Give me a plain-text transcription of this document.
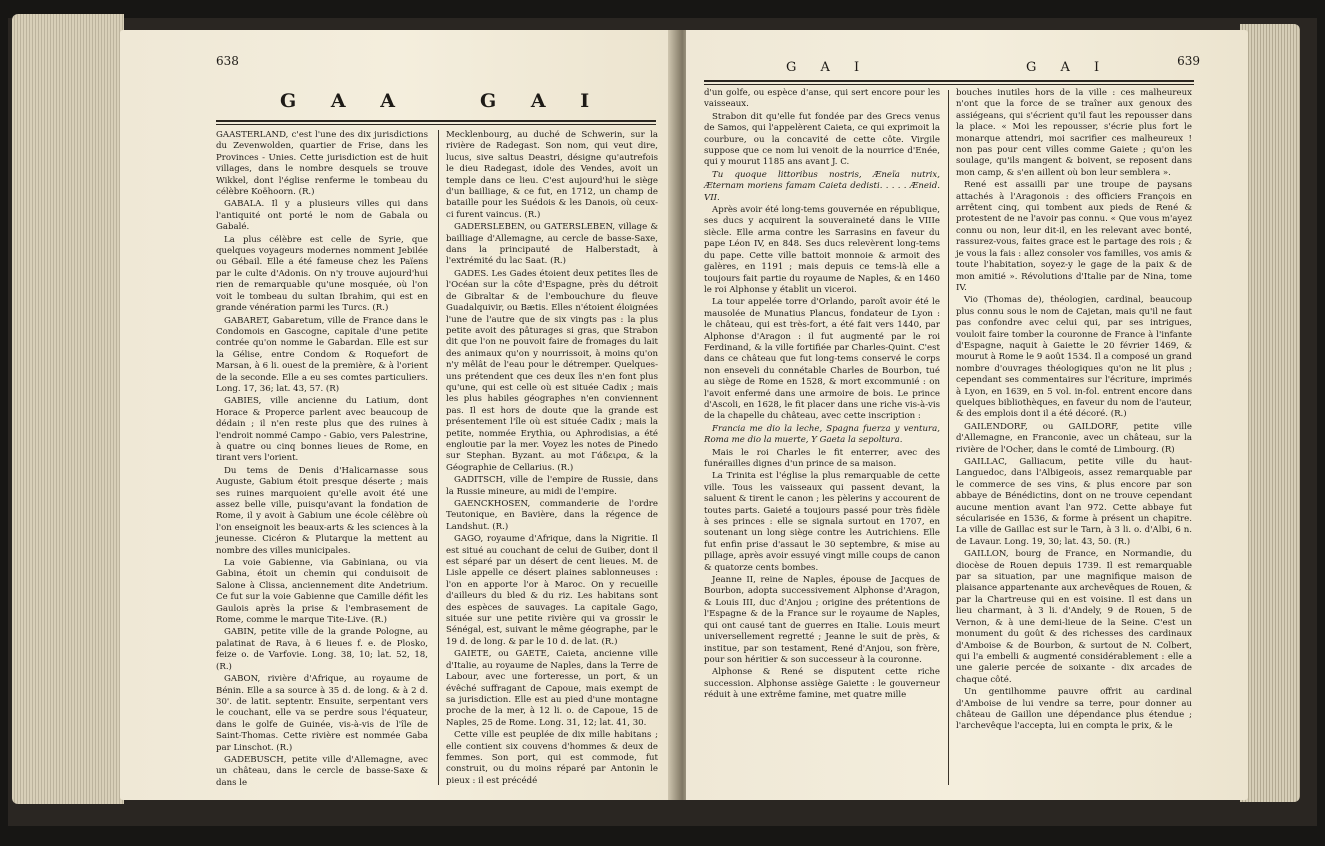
638
G A A	G A I

GAASTERLAND, c'est l'une des dix jurisdictions du Zevenwolden, quartier de Frise, dans les Provinces - Unies. Cette jurisdiction est de huit villages, dans le nombre desquels se trouve Wikkel, dont l'église renferme le tombeau du célèbre Koëhoorn. (R.)

GABALA. Il y a plusieurs villes qui dans l'antiquité ont porté le nom de Gabala ou Gabalé.

La plus célèbre est celle de Syrie, que quelques voyageurs modernes nomment Jebilée ou Gébail. Elle a été fameuse chez les Païens par le culte d'Adonis. On n'y trouve aujourd'hui rien de remarquable qu'une mosquée, où l'on voit le tombeau du sultan Ibrahim, qui est en grande vénération parmi les Turcs. (R.)

GABARET, Gabaretum, ville de France dans le Condomois en Gascogne, capitale d'une petite contrée qu'on nomme le Gabardan. Elle est sur la Gélise, entre Condom & Roquefort de Marsan, à 6 li. ouest de la première, & à l'orient de la seconde. Elle a eu ses comtes particuliers. Long. 17, 36; lat. 43, 57. (R)

GABIES, ville ancienne du Latium, dont Horace & Properce parlent avec beaucoup de dédain ; il n'en reste plus que des ruines à l'endroit nommé Campo - Gabio, vers Palestrine, à quatre ou cinq bonnes lieues de Rome, en tirant vers l'orient.

Du tems de Denis d'Halicarnasse sous Auguste, Gabium étoit presque déserte ; mais ses ruines marquoient qu'elle avoit été une assez belle ville, puisqu'avant la fondation de Rome, il y avoit à Gabium une école célèbre où l'on enseignoit les beaux-arts & les sciences à la jeunesse. Cicéron & Plutarque la mettent au nombre des villes municipales.

La voie Gabienne, via Gabiniana, ou via Gabina, étoit un chemin qui conduisoit de Salone à Clissa, anciennement dite Andetrium. Ce fut sur la voie Gabienne que Camille défit les Gaulois après la prise & l'embrasement de Rome, comme le marque Tite-Live. (R.)

GABIN, petite ville de la grande Pologne, au palatinat de Rava, à 6 lieues f. e. de Plosko, feize o. de Varfovie. Long. 38, 10; lat. 52, 18, (R.)

GABON, rivière d'Afrique, au royaume de Bénin. Elle a sa source à 35 d. de long. & à 2 d. 30'. de latit. septentr. Ensuite, serpentant vers le couchant, elle va se perdre sous l'équateur, dans le golfe de Guinée, vis-à-vis de l'île de Saint-Thomas. Cette rivière est nommée Gaba par Linschot. (R.)

GADEBUSCH, petite ville d'Allemagne, avec un château, dans le cercle de basse-Saxe & dans le

Mecklenbourg, au duché de Schwerin, sur la rivière de Radegast. Son nom, qui veut dire, lucus, sive saltus Deastri, désigne qu'autrefois le dieu Radegast, idole des Vendes, avoit un temple dans ce lieu. C'est aujourd'hui le siège d'un bailliage, & ce fut, en 1712, un champ de bataille pour les Suédois & les Danois, où ceux-ci furent vaincus. (R.)

GADERSLEBEN, ou GATERSLEBEN, village & bailliage d'Allemagne, au cercle de basse-Saxe, dans la principauté de Halberstadt, à l'extrémité du lac Saat. (R.)

GADES. Les Gades étoient deux petites îles de l'Océan sur la côte d'Espagne, près du détroit de Gibraltar & de l'embouchure du fleuve Guadalquivir, ou Bætis. Elles n'étoient éloignées l'une de l'autre que de six vingts pas : la plus petite avoit des pâturages si gras, que Strabon dit que l'on ne pouvoit faire de fromages du lait des animaux qu'on y nourrissoit, à moins qu'on n'y mêlât de l'eau pour le détremper. Quelques-uns prétendent que ces deux îles n'en font plus qu'une, qui est celle où est située Cadix ; mais les plus habiles géographes n'en conviennent pas. Il est hors de doute que la grande est présentement l'île où est située Cadix ; mais la petite, nommée Erythia, ou Aphrodisias, a été engloutie par la mer. Voyez les notes de Pinedo sur Stephan. Byzant. au mot Γάδειρα, & la Géographie de Cellarius. (R.)

GADITSCH, ville de l'empire de Russie, dans la Russie mineure, au midi de l'empire.

GAENCKHOSEN, commanderie de l'ordre Teutonique, en Bavière, dans la régence de Landshut. (R.)

GAGO, royaume d'Afrique, dans la Nigritie. Il est situé au couchant de celui de Guiber, dont il est séparé par un désert de cent lieues. M. de Lisle appelle ce désert plaines sablonneuses : l'on en apporte l'or à Maroc. On y recueille d'ailleurs du bled & du riz. Les habitans sont des espèces de sauvages. La capitale Gago, située sur une petite rivière qui va grossir le Sénégal, est, suivant le même géographe, par le 19 d. de long. & par le 10 d. de lat. (R.)

GAIETE, ou GAETE, Caieta, ancienne ville d'Italie, au royaume de Naples, dans la Terre de Labour, avec une forteresse, un port, & un évêché suffragant de Capoue, mais exempt de sa jurisdiction. Elle est au pied d'une montagne proche de la mer, à 12 li. o. de Capoue, 15 de Naples, 25 de Rome. Long. 31, 12; lat. 41, 30.

Cette ville est peuplée de dix mille habitans ; elle contient six couvens d'hommes & deux de femmes. Son port, qui est commode, fut construit, ou du moins réparé par Antonin le pieux : il est précédé

639
G A I	G A I

d'un golfe, ou espèce d'anse, qui sert encore pour les vaisseaux.

Strabon dit qu'elle fut fondée par des Grecs venus de Samos, qui l'appelèrent Caieta, ce qui exprimoit la courbure, ou la concavité de cette côte. Virgile suppose que ce nom lui venoit de la nourrice d'Enée, qui y mourut 1185 ans avant J. C.

Tu quoque littoribus nostris, Æneïa nutrix, Æternam moriens famam Caieta dedisti. . . . . Æneid. VII.

Après avoir été long-tems gouvernée en république, ses ducs y acquirent la souveraineté dans le VIIIe siècle. Elle arma contre les Sarrasins en faveur du pape Léon IV, en 848. Ses ducs relevèrent long-tems du pape. Cette ville battoit monnoie & armoit des galères, en 1191 ; mais depuis ce tems-là elle a toujours fait partie du royaume de Naples, & en 1460 le roi Alphonse y établit un viceroi.

La tour appelée torre d'Orlando, paroît avoir été le mausolée de Munatius Plancus, fondateur de Lyon : le château, qui est très-fort, a été fait vers 1440, par Alphonse d'Aragon : il fut augmenté par le roi Ferdinand, & la ville fortifiée par Charles-Quint. C'est dans ce château que fut long-tems conservé le corps non enseveli du connétable Charles de Bourbon, tué au siège de Rome en 1528, & mort excommunié : on l'avoit enfermé dans une armoire de bois. Le prince d'Ascoli, en 1628, le fit placer dans une riche vis-à-vis de la chapelle du château, avec cette inscription :

Francia me dio la leche, Spagna fuerza y ventura, Roma me dio la muerte, Y Gaeta la sepoltura.

Mais le roi Charles le fit enterrer, avec des funérailles dignes d'un prince de sa maison.

La Trinita est l'église la plus remarquable de cette ville. Tous les vaisseaux qui passent devant, la saluent & tirent le canon ; les pèlerins y accourent de toutes parts. Gaieté a toujours passé pour très fidèle à ses princes : elle se signala surtout en 1707, en soutenant un long siège contre les Autrichiens. Elle fut enfin prise d'assaut le 30 septembre, & mise au pillage, après avoir essuyé vingt mille coups de canon & quatorze cents bombes.

Jeanne II, reine de Naples, épouse de Jacques de Bourbon, adopta successivement Alphonse d'Aragon, & Louis III, duc d'Anjou ; origine des prétentions de l'Espagne & de la France sur le royaume de Naples, qui ont causé tant de guerres en Italie. Louis meurt universellement regretté ; Jeanne le suit de près, & institue, par son testament, René d'Anjou, son frère, pour son héritier & son successeur à la couronne.

Alphonse & René se disputent cette riche succession. Alphonse assiège Gaiette : le gouverneur réduit à une extrême famine, met quatre mille

bouches inutiles hors de la ville : ces malheureux n'ont que la force de se traîner aux genoux des assiégeans, qui s'écrient qu'il faut les repousser dans la place. « Moi les repousser, s'écrie plus fort le monarque attendri, moi sacrifier ces malheureux ! non pas pour cent villes comme Gaiete ; qu'on les soulage, qu'ils mangent & boivent, se reposent dans mon camp, & s'en aillent où bon leur semblera ».

René est assailli par une troupe de paysans attachés à l'Aragonois : des officiers François en arrêtent cinq, qui tombent aux pieds de René & protestent de ne l'avoir pas connu. « Que vous m'ayez connu ou non, leur dit-il, en les relevant avec bonté, rassurez-vous, faites grace est le partage des rois ; & je vous la fais : allez consoler vos familles, vos amis & toute l'habitation, soyez-y le gage de la paix & de mon amitié ». Révolutions d'Italie par de Nina, tome IV.

Vio (Thomas de), théologien, cardinal, beaucoup plus connu sous le nom de Cajetan, mais qu'il ne faut pas confondre avec celui qui, par ses intrigues, vouloit faire tomber la couronne de France à l'infante d'Espagne, naquit à Gaiette le 20 février 1469, & mourut à Rome le 9 août 1534. Il a composé un grand nombre d'ouvrages théologiques qu'on ne lit plus ; cependant ses commentaires sur l'écriture, imprimés à Lyon, en 1639, en 5 vol. in-fol. entrent encore dans quelques bibliothèques, en faveur du nom de l'auteur, & des emplois dont il a été décoré. (R.)

GAILENDORF, ou GAILDORF, petite ville d'Allemagne, en Franconie, avec un château, sur la rivière de l'Ocher, dans le comté de Limbourg. (R)

GAILLAC, Galliacum, petite ville du haut-Languedoc, dans l'Albigeois, assez remarquable par le commerce de ses vins, & plus encore par son abbaye de Bénédictins, dont on ne trouve cependant aucune mention avant l'an 972. Cette abbaye fut sécularisée en 1536, & forme à présent un chapitre. La ville de Gaillac est sur le Tarn, à 3 li. o. d'Albi, 6 n. de Lavaur. Long. 19, 30; lat. 43, 50. (R.)

GAILLON, bourg de France, en Normandie, du diocèse de Rouen depuis 1739. Il est remarquable par sa situation, par une magnifique maison de plaisance appartenante aux archevêques de Rouen, & par la Chartreuse qui en est voisine. Il est dans un lieu charmant, à 3 li. d'Andely, 9 de Rouen, 5 de Vernon, & à une demi-lieue de la Seine. C'est un monument du goût & des richesses des cardinaux d'Amboise & de Bourbon, & surtout de N. Colbert, qui l'a embelli & augmenté considérablement : elle a une galerie percée de soixante - dix arcades de chaque côté.

Un gentilhomme pauvre offrit au cardinal d'Amboise de lui vendre sa terre, pour donner au château de Gaillon une dépendance plus étendue ; l'archevêque l'accepta, lui en compta le prix, & le
